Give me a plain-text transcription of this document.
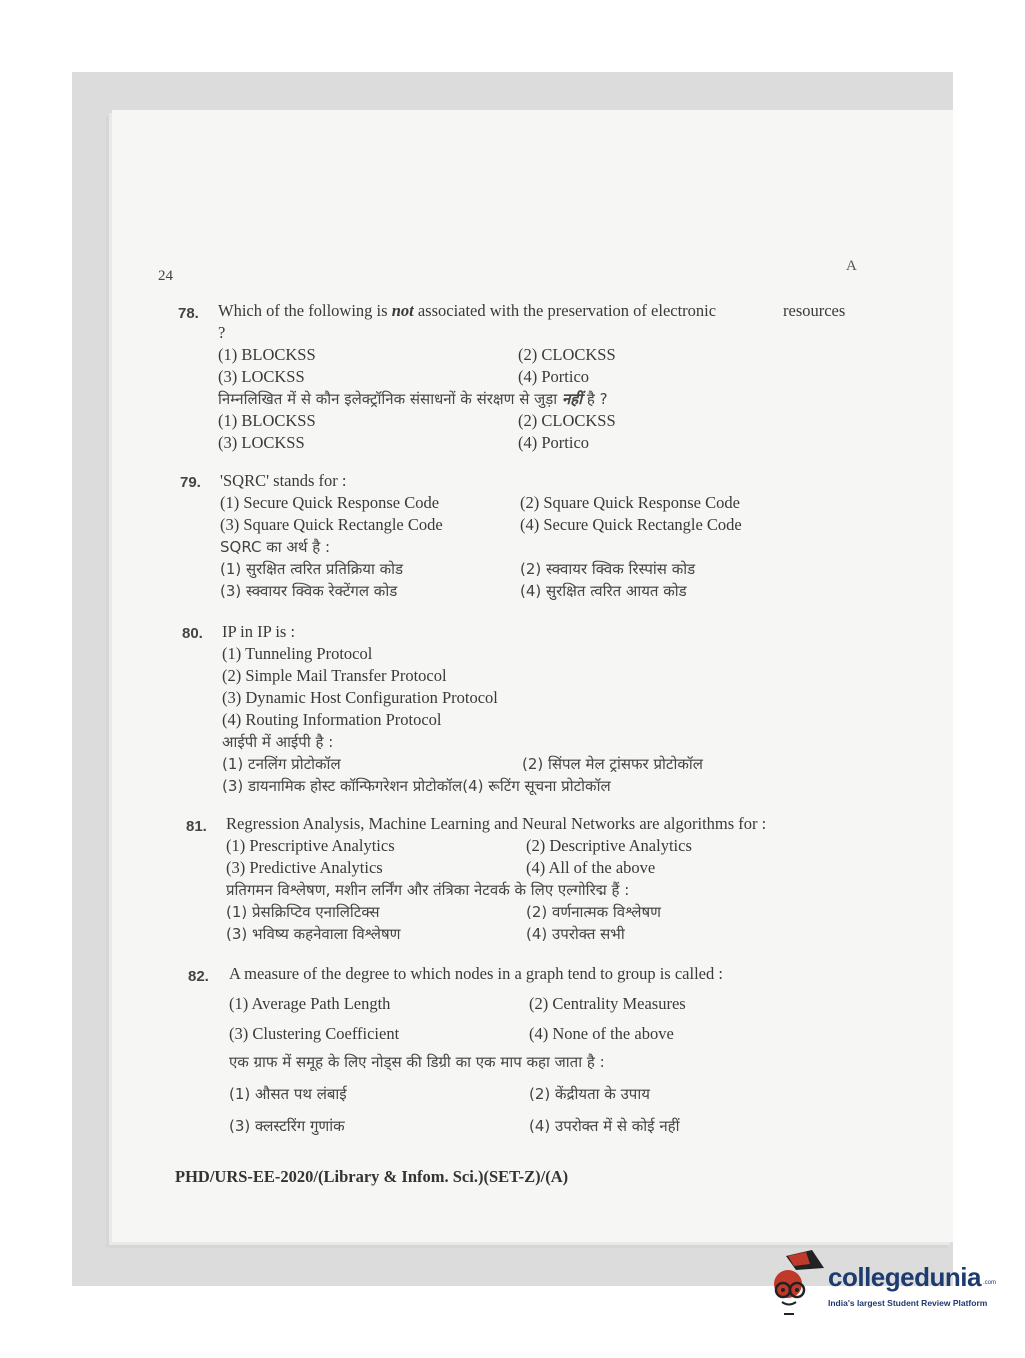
24
A
78. Which of the following is not associated with the preservation of electronic	resources
?
(1) BLOCKSS	(2) CLOCKSS
(3) LOCKSS	(4) Portico
निम्नलिखित में से कौन इलेक्ट्रॉनिक संसाधनों के संरक्षण से जुड़ा नहीं है ?
(1) BLOCKSS	(2) CLOCKSS
(3) LOCKSS	(4) Portico
79. 'SQRC' stands for :
(1) Secure Quick Response Code	(2) Square Quick Response Code
(3) Square Quick Rectangle Code	(4) Secure Quick Rectangle Code
SQRC का अर्थ है :
(1) सुरक्षित त्वरित प्रतिक्रिया कोड	(2) स्क्वायर क्विक रिस्पांस कोड
(3) स्क्वायर क्विक रेक्टेंगल कोड	(4) सुरक्षित त्वरित आयत कोड
80. IP in IP is :
(1) Tunneling Protocol
(2) Simple Mail Transfer Protocol
(3) Dynamic Host Configuration Protocol
(4) Routing Information Protocol
आईपी में आईपी है :
(1) टनलिंग प्रोटोकॉल	(2) सिंपल मेल ट्रांसफर प्रोटोकॉल
(3) डायनामिक होस्ट कॉन्फिगरेशन प्रोटोकॉल(4) रूटिंग सूचना प्रोटोकॉल
81. Regression Analysis, Machine Learning and Neural Networks are algorithms for :
(1) Prescriptive Analytics	(2) Descriptive Analytics
(3) Predictive Analytics	(4) All of the above
प्रतिगमन विश्लेषण, मशीन लर्निंग और तंत्रिका नेटवर्क के लिए एल्गोरिद्म हैं :
(1) प्रेसक्रिप्टिव एनालिटिक्स	(2) वर्णनात्मक विश्लेषण
(3) भविष्य कहनेवाला विश्लेषण	(4) उपरोक्त सभी
82. A measure of the degree to which nodes in a graph tend to group is called :
(1) Average Path Length	(2) Centrality Measures
(3) Clustering Coefficient	(4) None of the above
एक ग्राफ में समूह के लिए नोड्स की डिग्री का एक माप कहा जाता है :
(1) औसत पथ लंबाई	(2) केंद्रीयता के उपाय
(3) क्लस्टरिंग गुणांक	(4) उपरोक्त में से कोई नहीं
PHD/URS-EE-2020/(Library & Infom. Sci.)(SET-Z)/(A)
collegedunia .com
India's largest Student Review Platform
